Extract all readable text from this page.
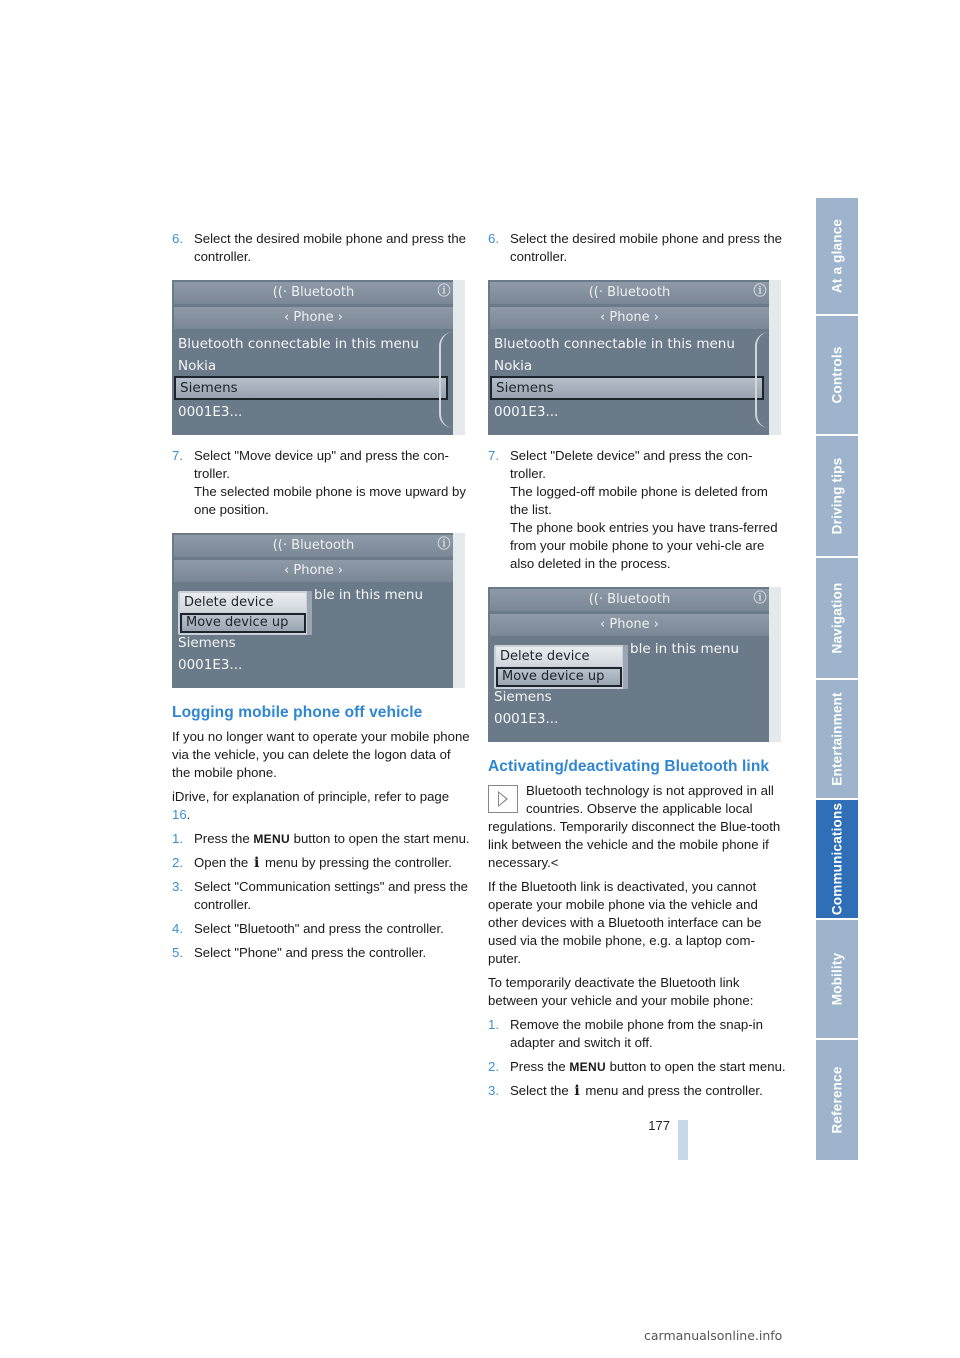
6. Select the desired mobile phone and press the controller.
((· Bluetooth	ⓘ
‹ Phone ›
Bluetooth connectable in this menu
Nokia
Siemens
0001E3...
7. Select "Move device up" and press the con-troller.
The selected mobile phone is move upward by one position.
((· Bluetooth	ⓘ
‹ Phone ›
ble in this menu
Delete device
Move device up
Siemens
0001E3...
Logging mobile phone off vehicle

If you no longer want to operate your mobile phone via the vehicle, you can delete the logon data of the mobile phone.

iDrive, for explanation of principle, refer to page 16.

1. Press the MENU button to open the start menu.
2. Open the i menu by pressing the controller.
3. Select "Communication settings" and press the controller.
4. Select "Bluetooth" and press the controller.
5. Select "Phone" and press the controller.
6. Select the desired mobile phone and press the controller.
((· Bluetooth	ⓘ
‹ Phone ›
Bluetooth connectable in this menu
Nokia
Siemens
0001E3...
7. Select "Delete device" and press the con-troller.
The logged-off mobile phone is deleted from the list.
The phone book entries you have trans-ferred from your mobile phone to your vehi-cle are also deleted in the process.
((· Bluetooth	ⓘ
‹ Phone ›
ble in this menu
Delete device
Move device up
Siemens
0001E3...
Activating/deactivating Bluetooth link

Bluetooth technology is not approved in all countries. Observe the applicable local regulations. Temporarily disconnect the Blue-tooth link between the vehicle and the mobile phone if necessary.<

If the Bluetooth link is deactivated, you cannot operate your mobile phone via the vehicle and other devices with a Bluetooth interface can be used via the mobile phone, e.g. a laptop com-puter.

To temporarily deactivate the Bluetooth link between your vehicle and your mobile phone:

1. Remove the mobile phone from the snap-in adapter and switch it off.
2. Press the MENU button to open the start menu.
3. Select the i menu and press the controller.
At a glance
Controls
Driving tips
Navigation
Entertainment
Communications
Mobility
Reference
177
carmanualsonline.info
